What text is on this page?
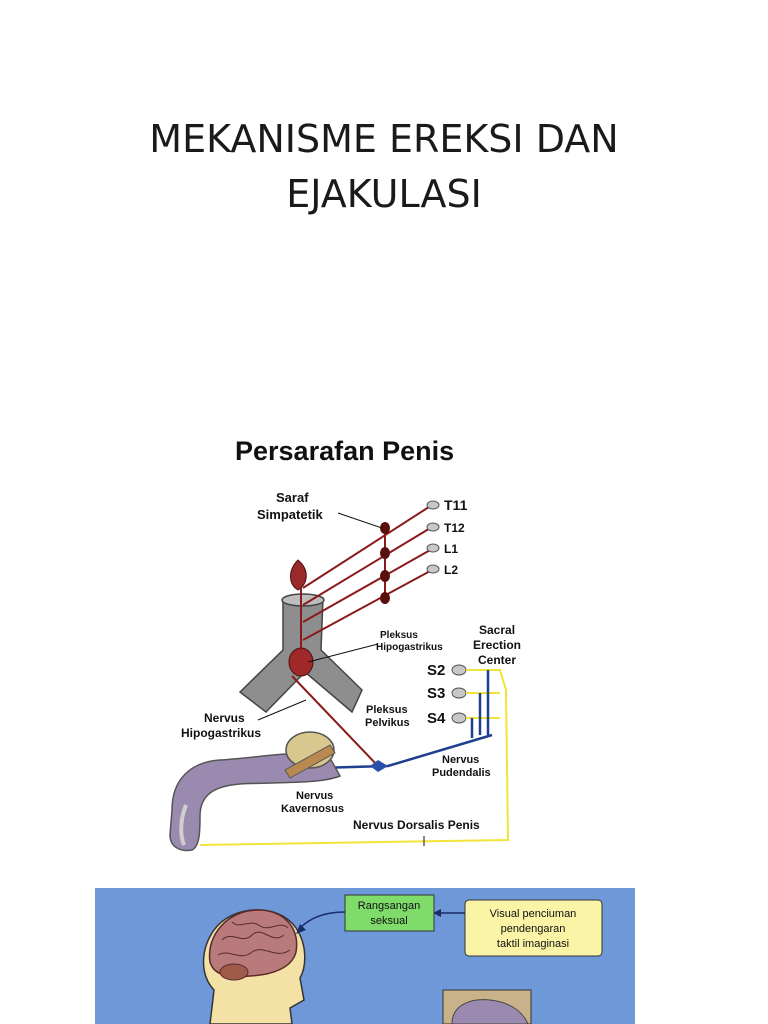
MEKANISME EREKSI DAN
EJAKULASI
Persarafan Penis
Saraf
Simpatetik
T11
T12
L1
L2
Pleksus
Hipogastrikus
Sacral
Erection
Center
S2
S3
S4
Nervus
Hipogastrikus
Pleksus
Pelvikus
Nervus
Pudendalis
Nervus
Kavernosus
Nervus Dorsalis Penis
Rangsangan
seksual
Visual penciuman
pendengaran
taktil imaginasi
